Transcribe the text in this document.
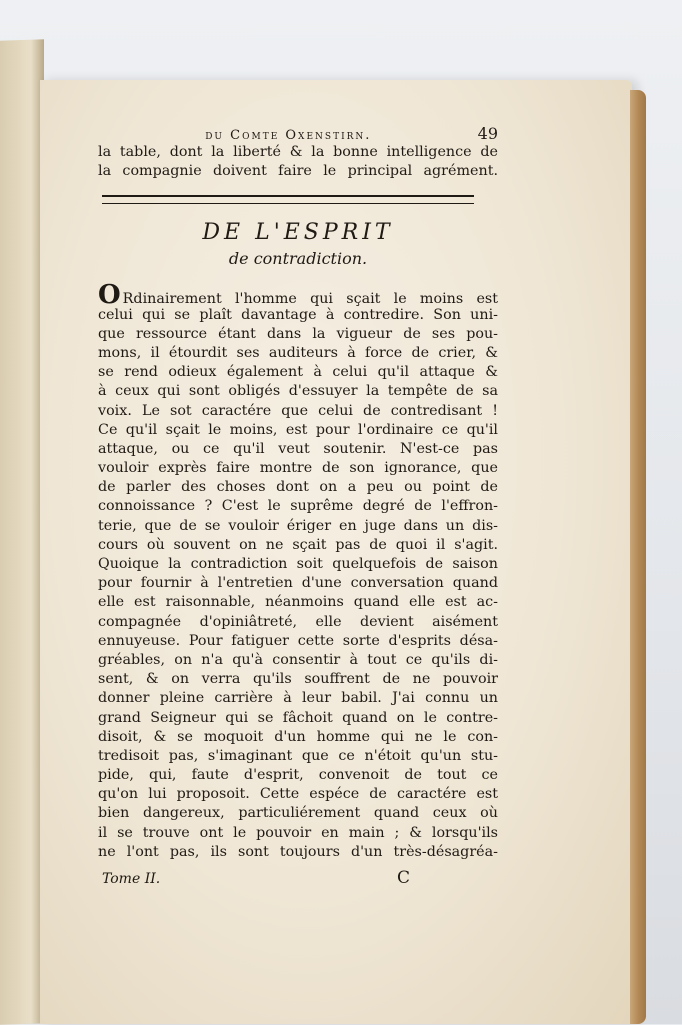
du Comte Oxenstirn.	49
la table, dont la liberté & la bonne intelligence de
la compagnie doivent faire le principal agrément.
DE L'ESPRIT
de contradiction.
O Rdinairement l'homme qui sçait le moins est
celui qui se plaît davantage à contredire. Son uni-
que ressource étant dans la vigueur de ses pou-
mons, il étourdit ses auditeurs à force de crier, &
se rend odieux également à celui qu'il attaque &
à ceux qui sont obligés d'essuyer la tempête de sa
voix. Le sot caractére que celui de contredisant !
Ce qu'il sçait le moins, est pour l'ordinaire ce qu'il
attaque, ou ce qu'il veut soutenir. N'est-ce pas
vouloir exprès faire montre de son ignorance, que
de parler des choses dont on a peu ou point de
connoissance ? C'est le suprême degré de l'effron-
terie, que de se vouloir ériger en juge dans un dis-
cours où souvent on ne sçait pas de quoi il s'agit.
Quoique la contradiction soit quelquefois de saison
pour fournir à l'entretien d'une conversation quand
elle est raisonnable, néanmoins quand elle est ac-
compagnée d'opiniâtreté, elle devient aisément
ennuyeuse. Pour fatiguer cette sorte d'esprits désa-
gréables, on n'a qu'à consentir à tout ce qu'ils di-
sent, & on verra qu'ils souffrent de ne pouvoir
donner pleine carrière à leur babil. J'ai connu un
grand Seigneur qui se fâchoit quand on le contre-
disoit, & se moquoit d'un homme qui ne le con-
tredisoit pas, s'imaginant que ce n'étoit qu'un stu-
pide, qui, faute d'esprit, convenoit de tout ce
qu'on lui proposoit. Cette espéce de caractére est
bien dangereux, particuliérement quand ceux où
il se trouve ont le pouvoir en main ; & lorsqu'ils
ne l'ont pas, ils sont toujours d'un très-désagréa-
Tome II.	C
